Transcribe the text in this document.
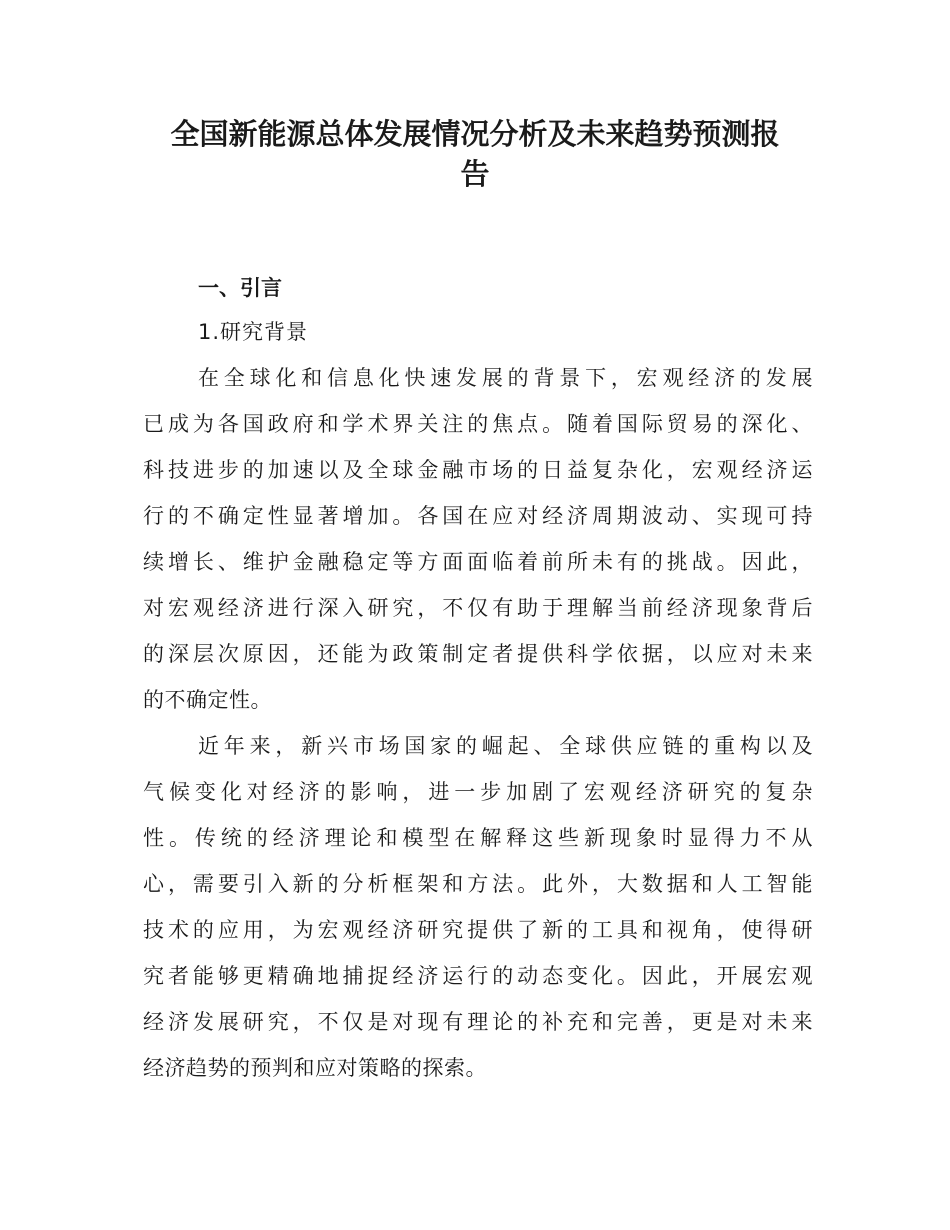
全国新能源总体发展情况分析及未来趋势预测报
告

一、引言

1.研究背景

在全球化和信息化快速发展的背景下，宏观经济的发展

已成为各国政府和学术界关注的焦点。随着国际贸易的深化、

科技进步的加速以及全球金融市场的日益复杂化，宏观经济运

行的不确定性显著增加。各国在应对经济周期波动、实现可持

续增长、维护金融稳定等方面面临着前所未有的挑战。因此，

对宏观经济进行深入研究，不仅有助于理解当前经济现象背后

的深层次原因，还能为政策制定者提供科学依据，以应对未来

的不确定性。

近年来，新兴市场国家的崛起、全球供应链的重构以及

气候变化对经济的影响，进一步加剧了宏观经济研究的复杂

性。传统的经济理论和模型在解释这些新现象时显得力不从

心，需要引入新的分析框架和方法。此外，大数据和人工智能

技术的应用，为宏观经济研究提供了新的工具和视角，使得研

究者能够更精确地捕捉经济运行的动态变化。因此，开展宏观

经济发展研究，不仅是对现有理论的补充和完善，更是对未来

经济趋势的预判和应对策略的探索。
